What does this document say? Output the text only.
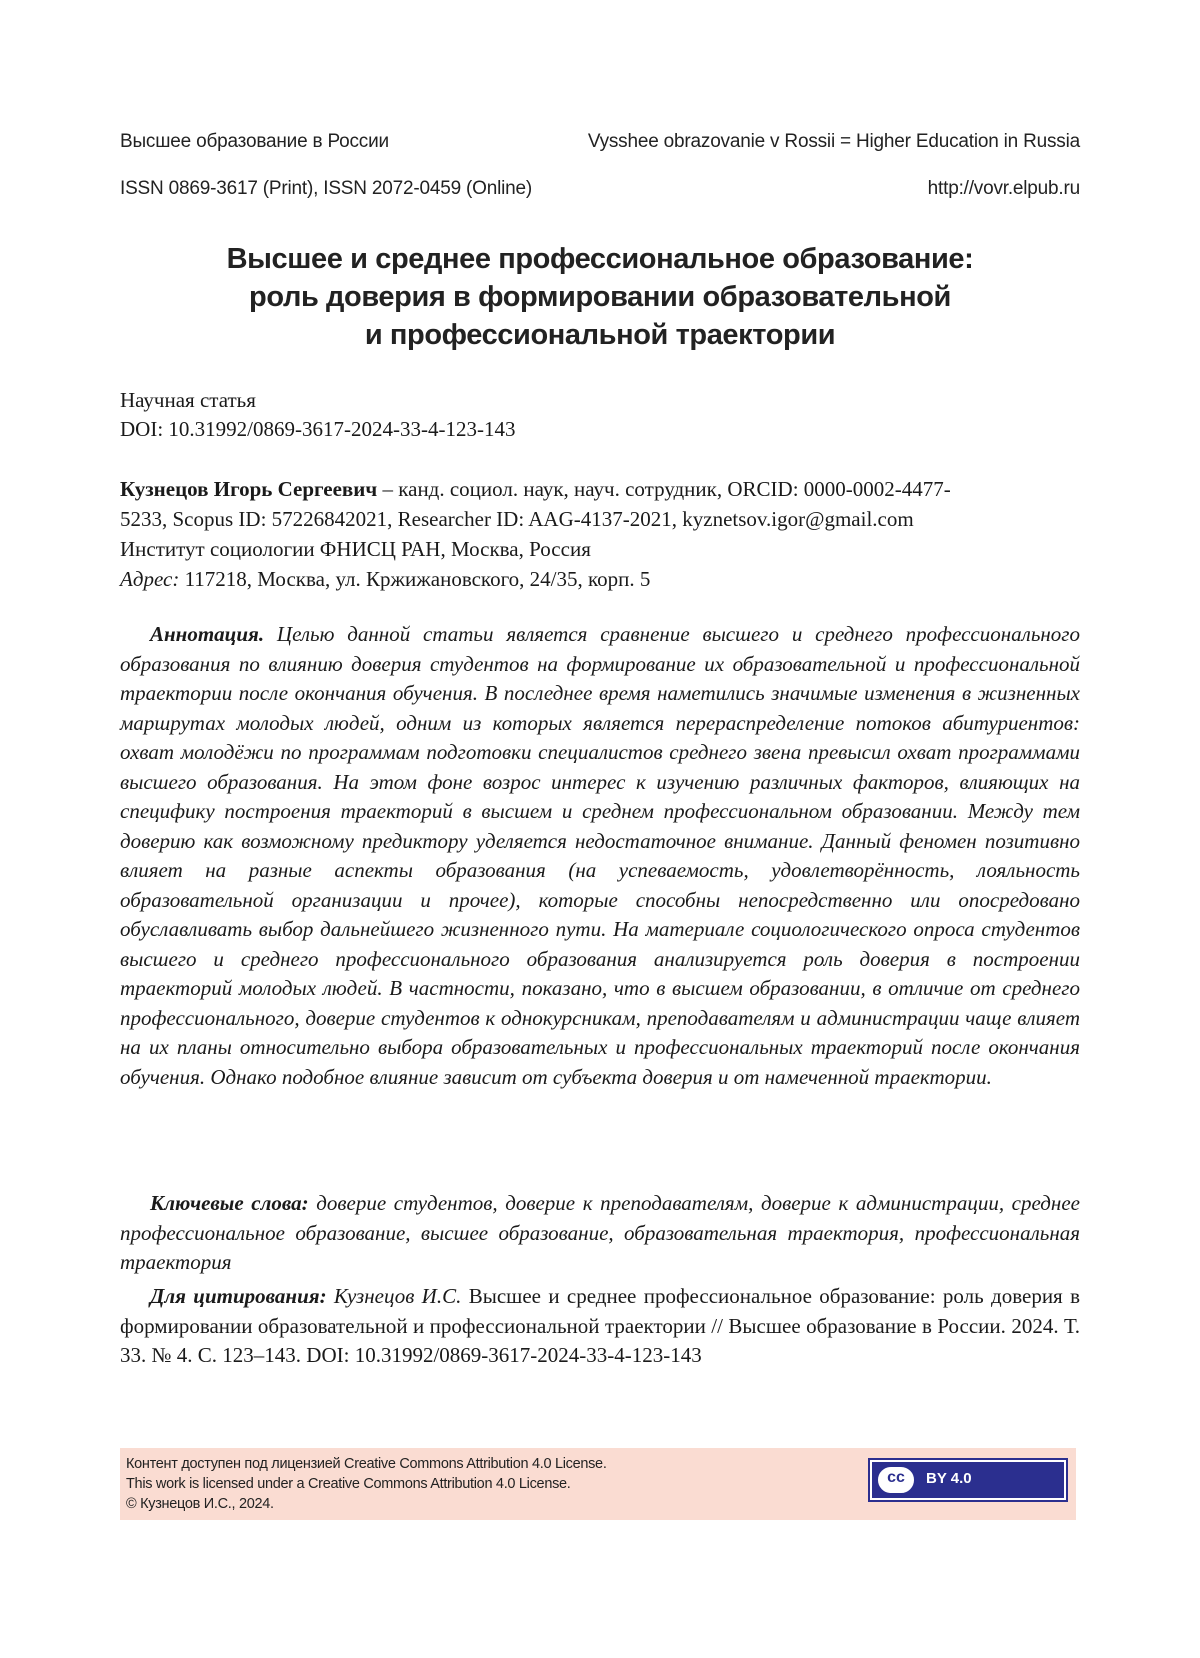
Высшее образование в России	Vysshee obrazovanie v Rossii = Higher Education in Russia
ISSN 0869-3617 (Print), ISSN 2072-0459 (Online)	http://vovr.elpub.ru
Высшее и среднее профессиональное образование:
роль доверия в формировании образовательной
и профессиональной траектории
Научная статья
DOI: 10.31992/0869-3617-2024-33-4-123-143
Кузнецов Игорь Сергеевич – канд. социол. наук, науч. сотрудник, ORCID: 0000-0002-4477-
5233, Scopus ID: 57226842021, Researcher ID: AAG-4137-2021, kyznetsov.igor@gmail.com
Институт социологии ФНИСЦ РАН, Москва, Россия
Адрес: 117218, Москва, ул. Кржижановского, 24/35, корп. 5

Аннотация. Целью данной статьи является сравнение высшего и среднего профессионального образования по влиянию доверия студентов на формирование их образовательной и профессиональной траектории после окончания обучения. В последнее время наметились значимые изменения в жизненных маршрутах молодых людей, одним из которых является перераспределение потоков абитуриентов: охват молодёжи по программам подготовки специалистов среднего звена превысил охват программами высшего образования. На этом фоне возрос интерес к изучению различных факторов, влияющих на специфику построения траекторий в высшем и среднем профессиональном образовании. Между тем доверию как возможному предиктору уделяется недостаточное внимание. Данный феномен позитивно влияет на разные аспекты образования (на успеваемость, удовлетворённость, лояльность образовательной организации и прочее), которые способны непосредственно или опосредовано обуславливать выбор дальнейшего жизненного пути. На материале социологического опроса студентов высшего и среднего профессионального образования анализируется роль доверия в построении траекторий молодых людей. В частности, показано, что в высшем образовании, в отличие от среднего профессионального, доверие студентов к однокурсникам, преподавателям и администрации чаще влияет на их планы относительно выбора образовательных и профессиональных траекторий после окончания обучения. Однако подобное влияние зависит от субъекта доверия и от намеченной траектории.

Ключевые слова: доверие студентов, доверие к преподавателям, доверие к администрации, среднее профессиональное образование, высшее образование, образовательная траектория, профессиональная траектория

Для цитирования: Кузнецов И.С. Высшее и среднее профессиональное образование: роль доверия в формировании образовательной и профессиональной траектории // Высшее образование в России. 2024. Т. 33. № 4. С. 123–143. DOI: 10.31992/0869-3617-2024-33-4-123-143

Контент доступен под лицензией Creative Commons Attribution 4.0 License.
This work is licensed under a Creative Commons Attribution 4.0 License.
© Кузнецов И.С., 2024.
cc	BY 4.0
